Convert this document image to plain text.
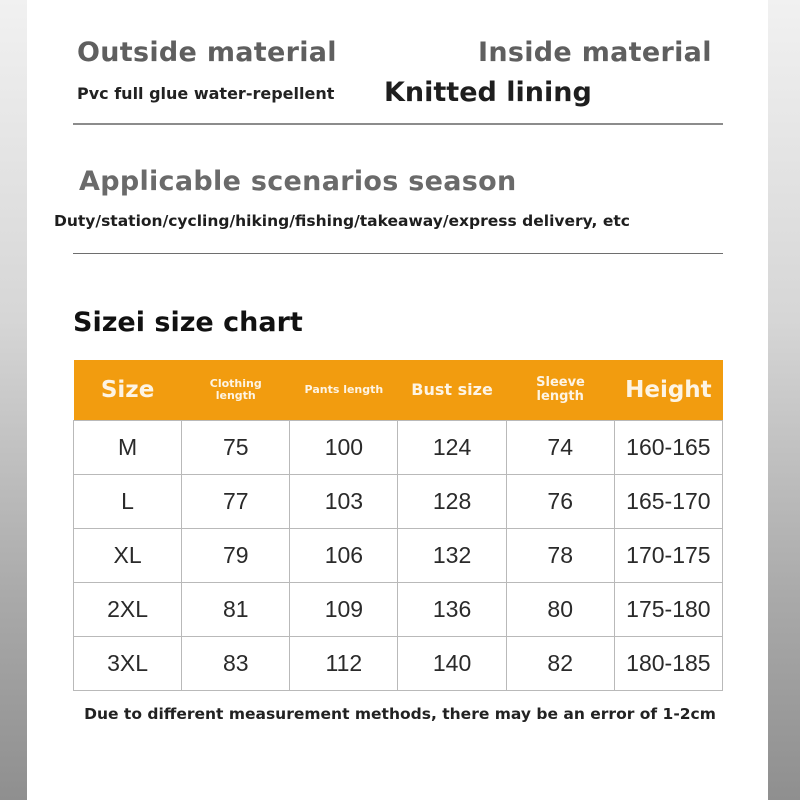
Outside material
Pvc full glue water-repellent
Inside material
Knitted lining
Applicable scenarios season
Duty/station/cycling/hiking/fishing/takeaway/express delivery, etc
Sizei size chart
Size	Clothing length	Pants length	Bust size	Sleeve length	Height
M	75	100	124	74	160-165
L	77	103	128	76	165-170
XL	79	106	132	78	170-175
2XL	81	109	136	80	175-180
3XL	83	112	140	82	180-185
Due to different measurement methods, there may be an error of 1-2cm
